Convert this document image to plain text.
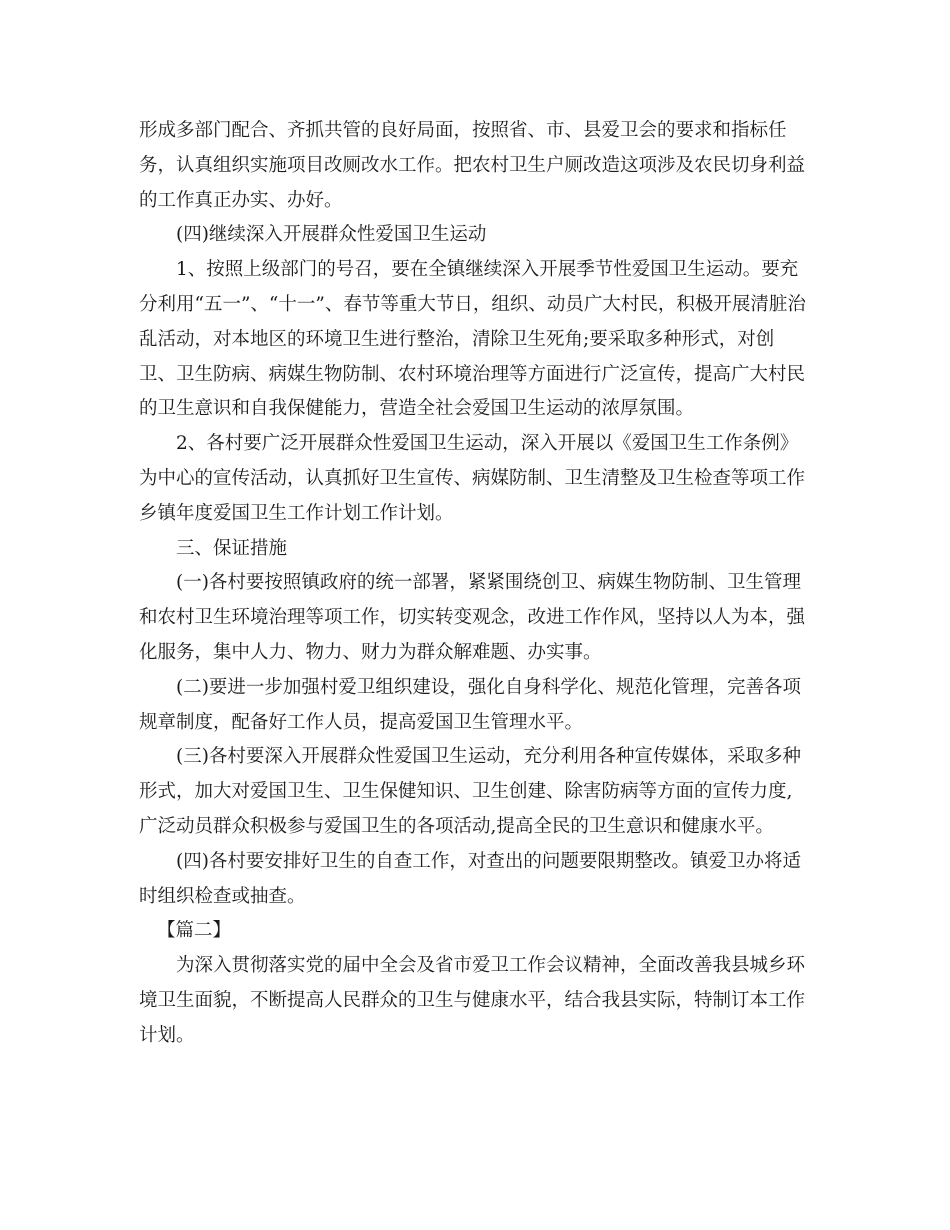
形成多部门配合、齐抓共管的良好局面，按照省、市、县爱卫会的要求和指标任
务，认真组织实施项目改厕改水工作。把农村卫生户厕改造这项涉及农民切身利益
的工作真正办实、办好。
(四)继续深入开展群众性爱国卫生运动
1、按照上级部门的号召，要在全镇继续深入开展季节性爱国卫生运动。要充
分利用“五一”、“十一”、春节等重大节日，组织、动员广大村民，积极开展清脏治
乱活动，对本地区的环境卫生进行整治，清除卫生死角;要采取多种形式，对创
卫、卫生防病、病媒生物防制、农村环境治理等方面进行广泛宣传，提高广大村民
的卫生意识和自我保健能力，营造全社会爱国卫生运动的浓厚氛围。
2、各村要广泛开展群众性爱国卫生运动，深入开展以《爱国卫生工作条例》
为中心的宣传活动，认真抓好卫生宣传、病媒防制、卫生清整及卫生检查等项工作
乡镇年度爱国卫生工作计划工作计划。
三、保证措施
(一)各村要按照镇政府的统一部署，紧紧围绕创卫、病媒生物防制、卫生管理
和农村卫生环境治理等项工作，切实转变观念，改进工作作风，坚持以人为本，强
化服务，集中人力、物力、财力为群众解难题、办实事。
(二)要进一步加强村爱卫组织建设，强化自身科学化、规范化管理，完善各项
规章制度，配备好工作人员，提高爱国卫生管理水平。
(三)各村要深入开展群众性爱国卫生运动，充分利用各种宣传媒体，采取多种
形式，加大对爱国卫生、卫生保健知识、卫生创建、除害防病等方面的宣传力度,
广泛动员群众积极参与爱国卫生的各项活动,提高全民的卫生意识和健康水平。
(四)各村要安排好卫生的自查工作，对查出的问题要限期整改。镇爱卫办将适
时组织检查或抽查。
【篇二】
为深入贯彻落实党的届中全会及省市爱卫工作会议精神，全面改善我县城乡环
境卫生面貌，不断提高人民群众的卫生与健康水平，结合我县实际，特制订本工作
计划。
